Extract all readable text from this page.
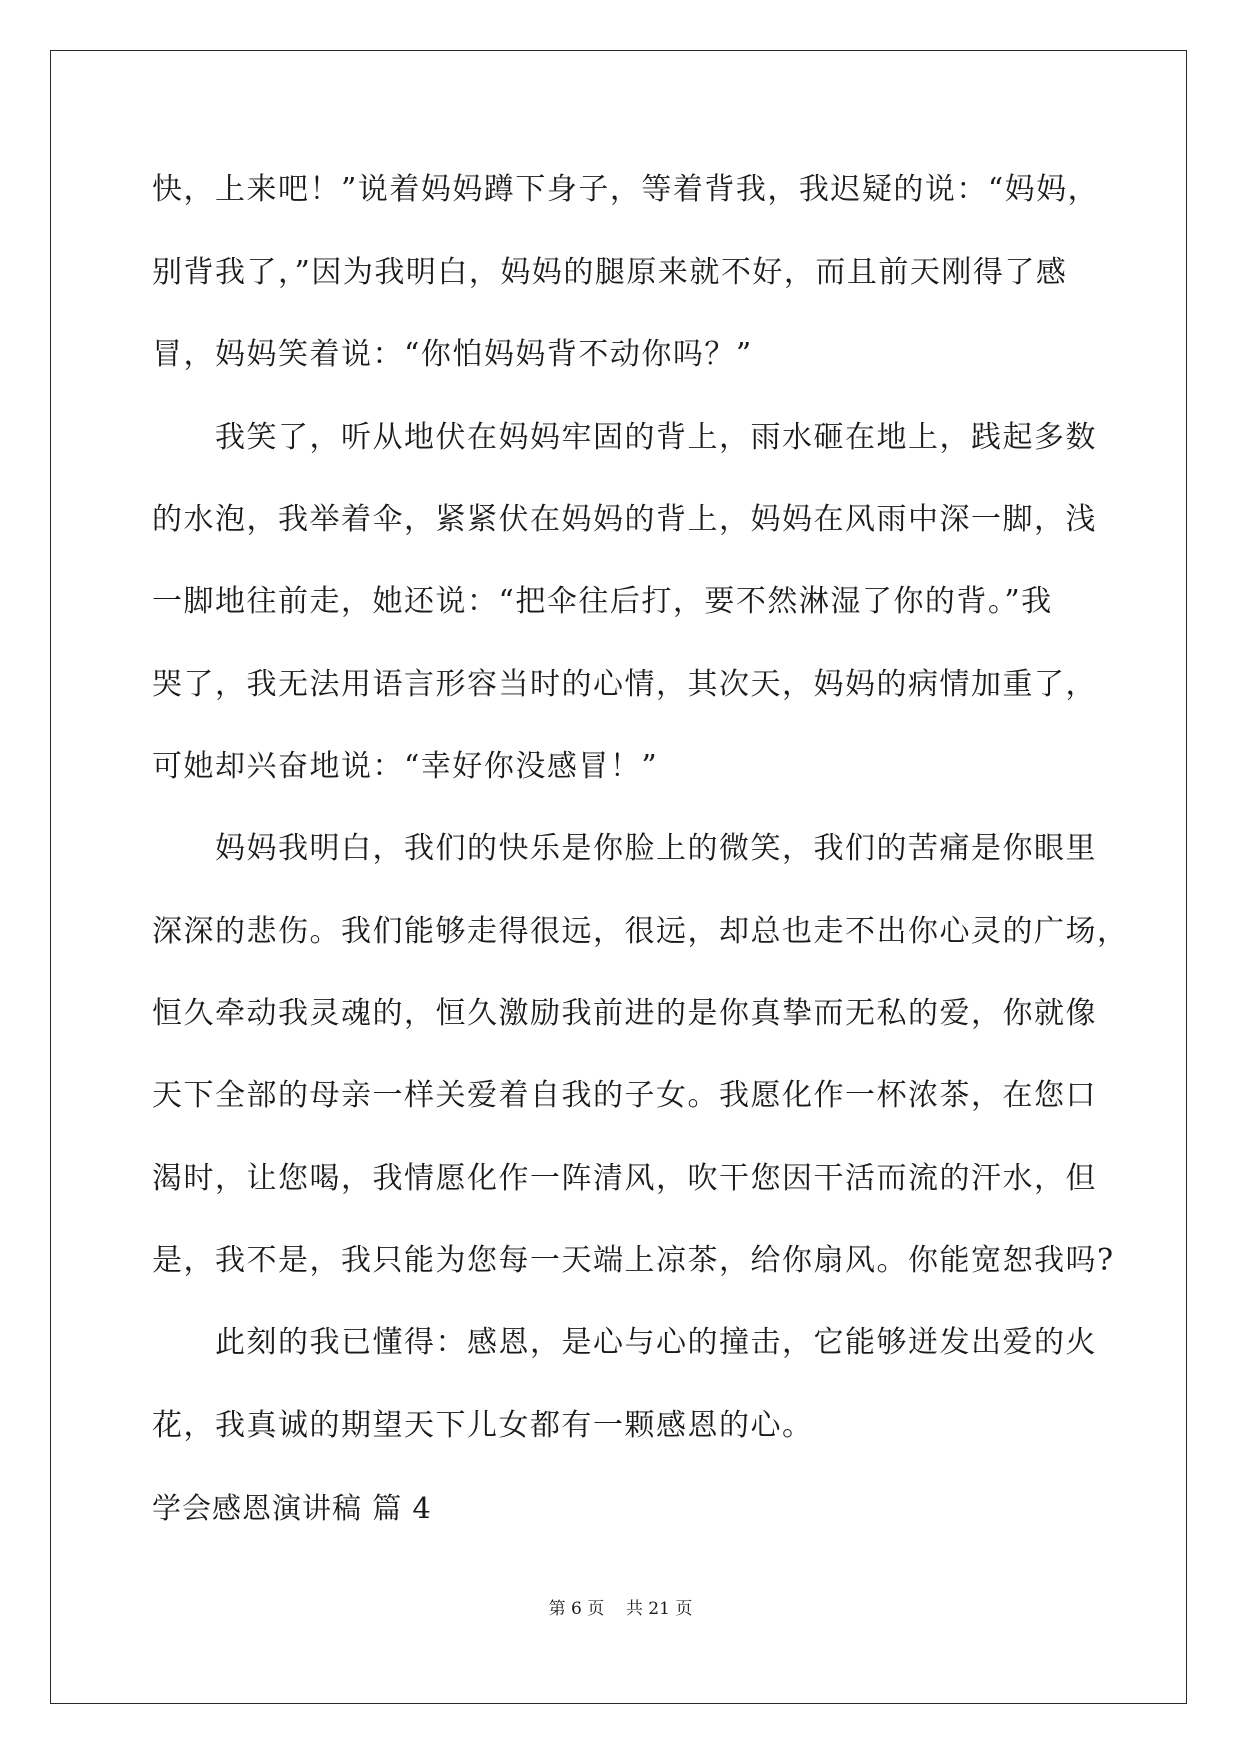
快，上来吧！”说着妈妈蹲下身子，等着背我，我迟疑的说：“妈妈，
别背我了，”因为我明白，妈妈的腿原来就不好，而且前天刚得了感
冒，妈妈笑着说：“你怕妈妈背不动你吗？”
　　我笑了，听从地伏在妈妈牢固的背上，雨水砸在地上，践起多数
的水泡，我举着伞，紧紧伏在妈妈的背上，妈妈在风雨中深一脚，浅
一脚地往前走，她还说：“把伞往后打，要不然淋湿了你的背。”我
哭了，我无法用语言形容当时的心情，其次天，妈妈的病情加重了，
可她却兴奋地说：“幸好你没感冒！”
　　妈妈我明白，我们的快乐是你脸上的微笑，我们的苦痛是你眼里
深深的悲伤。我们能够走得很远，很远，却总也走不出你心灵的广场，
恒久牵动我灵魂的，恒久激励我前进的是你真挚而无私的爱，你就像
天下全部的母亲一样关爱着自我的子女。我愿化作一杯浓茶，在您口
渴时，让您喝，我情愿化作一阵清风，吹干您因干活而流的汗水，但
是，我不是，我只能为您每一天端上凉茶，给你扇风。你能宽恕我吗?
　　此刻的我已懂得：感恩，是心与心的撞击，它能够迸发出爱的火
花，我真诚的期望天下儿女都有一颗感恩的心。
学会感恩演讲稿 篇 4
第 6 页 共 21 页
